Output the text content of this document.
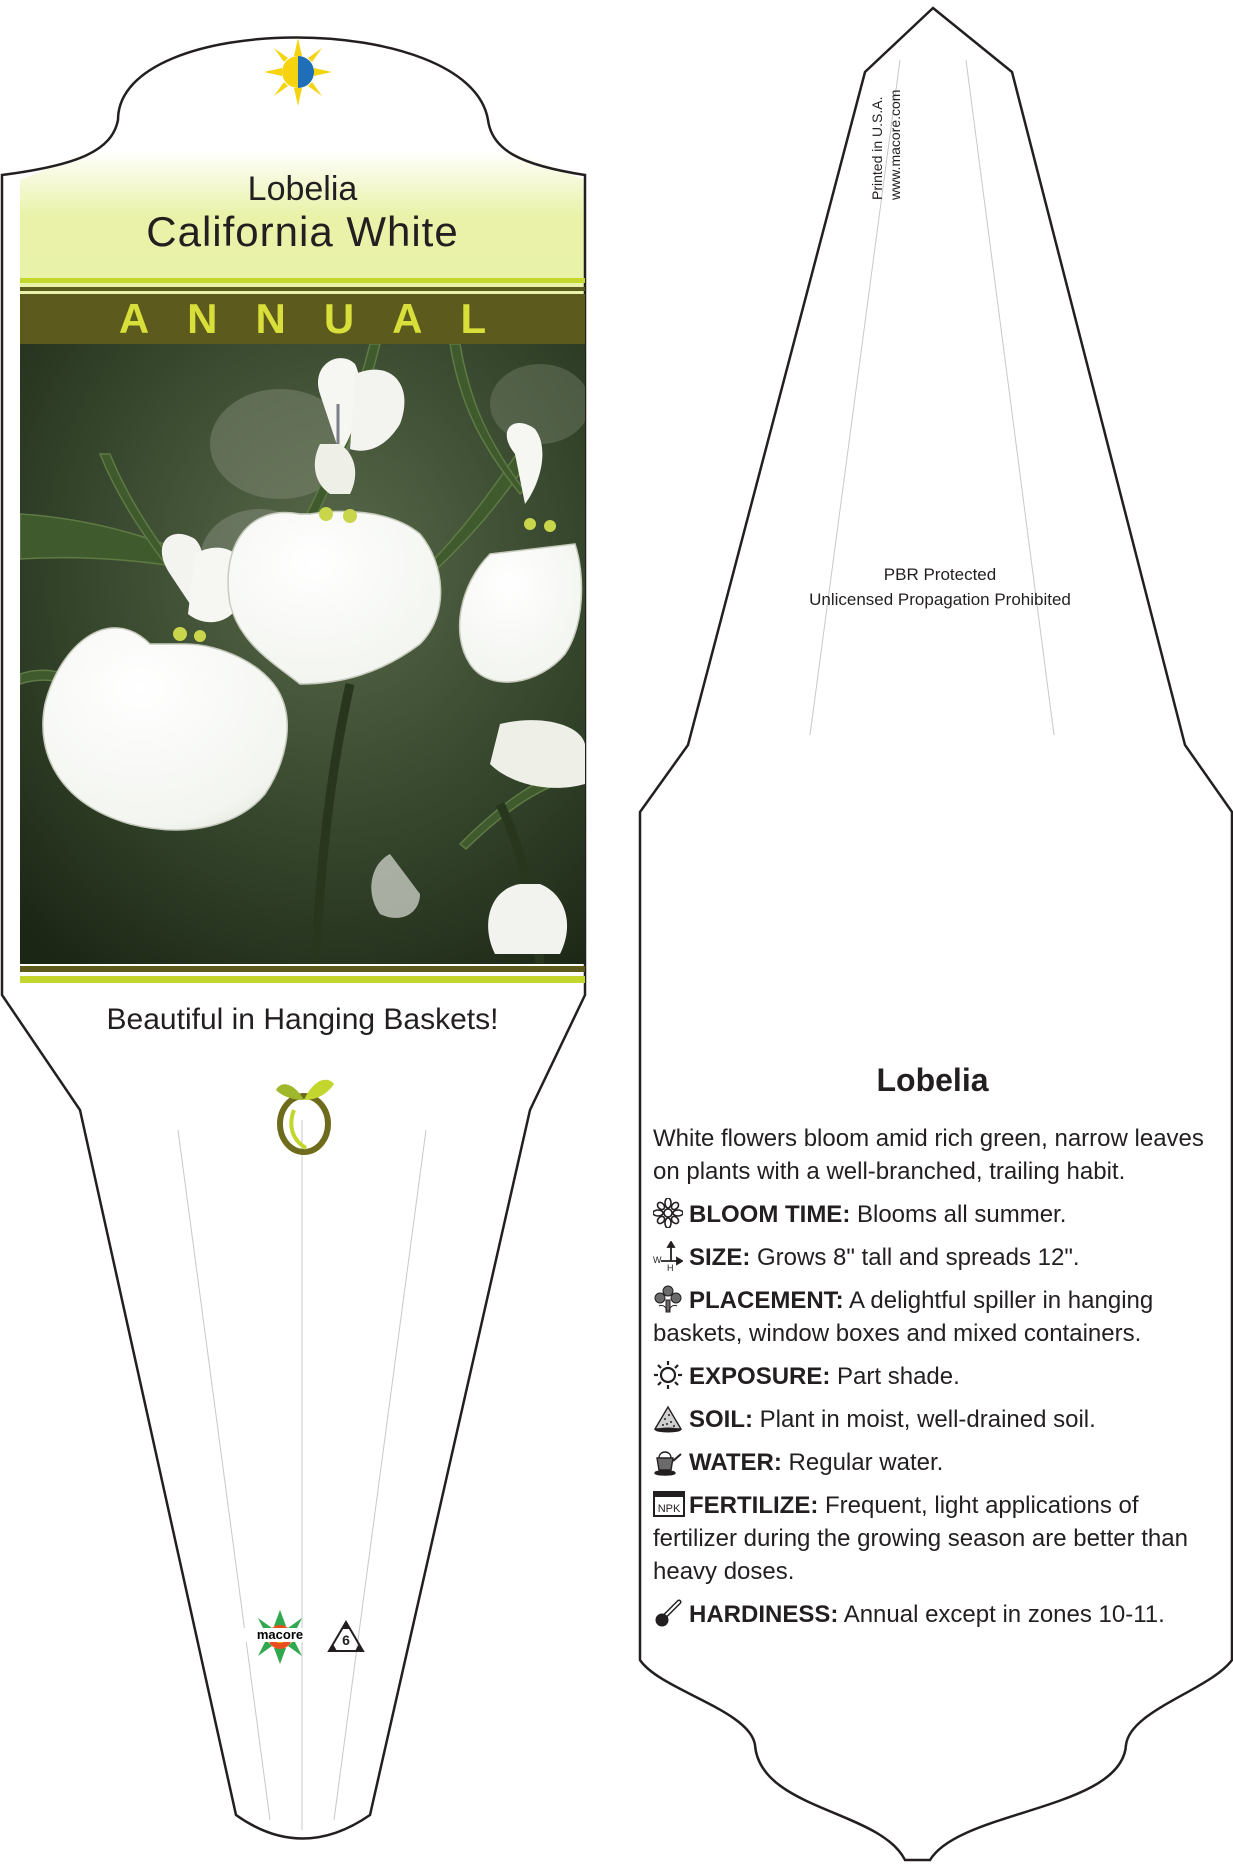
Lobelia
California White
ANNUAL
Beautiful in Hanging Baskets!
macore	6
Printed in U.S.A. www.macore.com
PBR Protected
Unlicensed Propagation Prohibited
Lobelia

White flowers bloom amid rich green, narrow leaves on plants with a well-branched, trailing habit.

BLOOM TIME: Blooms all summer.
W
H SIZE: Grows 8" tall and spreads 12".
PLACEMENT: A delightful spiller in hanging baskets, window boxes and mixed containers.
EXPOSURE: Part shade.
SOIL: Plant in moist, well-drained soil.
WATER: Regular water.
NPK FERTILIZE: Frequent, light applications of fertilizer during the growing season are better than heavy doses.
HARDINESS: Annual except in zones 10-11.
